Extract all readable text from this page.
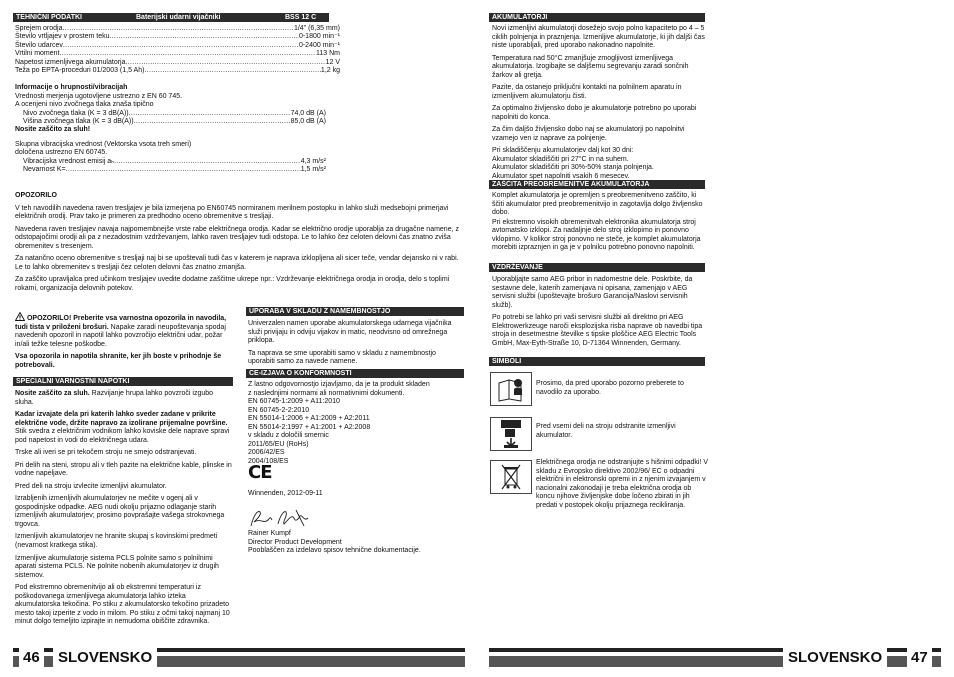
TEHNIČNI PODATKI	Baterijski udarni vijačniki	BSS 12 C
Sprejem orodja .....	1/4" (6,35 mm)
Število vrtljajev v prostem teku .....	0-1800 min⁻¹
Število udarcev .....	0-2400 min⁻¹
Vrtilni moment .....	113 Nm
Napetost izmenljivega akumulatorja .....	12 V
Teža po EPTA-proceduri 01/2003 (1,5 Ah) .....	1,2 kg
Informacije o hrupnosti/vibracijah
Vrednosti merjenja ugotovljene ustrezno z EN 60 745.
A ocenjeni nivo zvočnega tlaka znaša tipično
Nivo zvočnega tlaka (K = 3 dB(A)) .....	74,0 dB (A)
Višina zvočnega tlaka (K = 3 dB(A)) .....	85,0 dB (A)
Nosite zaščito za sluh!
Skupna vibracijska vrednost (Vektorska vsota treh smeri)
določena ustrezno EN 60745.
Vibracijska vrednost emisij aₕ .....	4,3 m/s²
Nevarnost K= .....	1,5 m/s²

OPOZORILO

V teh navodilih navedena raven tresljajev je bila izmerjena po EN60745 normiranem merilnem postopku in lahko služi medsebojni primerjavi električnih orodij. Prav tako je primeren za predhodno oceno obremenitve s tresljaji.

Navedena raven tresljajev navaja najpomembnejše vrste rabe električnega orodja. Kadar se električno orodje uporablja za drugačne namene, z odstopajočimi orodji ali pa z nezadostnim vzdrževanjem, lahko raven tresljajev tudi odstopa. Le to lahko čez celoten delovni čas znatno zviša obremenitev s tresenjem.

Za natančno oceno obremenitve s tresljaji naj bi se upoštevali tudi čas v katerem je naprava izklopljena ali sicer teče, vendar dejansko ni v rabi. Le to lahko obremenitev s tresljaji čez celoten delovni čas znatno zmanjša.

Za zaščito upravljalca pred učinkom tresljajev uvedite dodatne zaščitne ukrepe npr.: Vzdrževanje električnega orodja in orodja, delo s toplimi rokami, organizacija delovnih potekov.

OPOZORILO! Preberite vsa varnostna opozorila in navodila, tudi tista v priloženi brošuri. Napake zaradi neupoštevanja spodaj navedenih opozoril in napotil lahko povzročijo električni udar, požar in/ali težke telesne poškodbe.

Vsa opozorila in napotila shranite, ker jih boste v prihodnje še potrebovali.

SPECIALNI VARNOSTNI NAPOTKI

Nosite zaščito za sluh. Razvijanje hrupa lahko povzroči izgubo sluha.

Kadar izvajate dela pri katerih lahko sveder zadane v prikrite električne vode, držite napravo za izolirane prijemalne površine. Stik svedra z električnim vodnikom lahko koviske dele naprave spravi pod napetost in vodi do električnega udara.

Trske ali iveri se pri tekočem stroju ne smejo odstranjevati.

Pri delih na steni, stropu ali v tleh pazite na električne kable, plinske in vodne napeljave.

Pred deli na stroju izvlecite izmenljivi akumulator.

Izrabljenih izmenljivih akumulatorjev ne mečite v ogenj ali v gospodinjske odpadke. AEG nudi okolju prijazno odlaganje starih izmenljivih akumulatorjev; prosimo povprašajte vašega strokovnega trgovca.

Izmenljivih akumulatorjev ne hranite skupaj s kovinskimi predmeti (nevarnost kratkega stika).

Izmenljive akumulatorje sistema PCLS polnite samo s polnilnimi aparati sistema PCLS. Ne polnite nobenih akumulatorjev iz drugih sistemov.

Pod ekstremno obremenitvijo ali ob ekstremni temperaturi iz poškodovanega izmenljivega akumulatorja lahko izteka akumulatorska tekočina. Po stiku z akumulatorsko tekočino prizadeto mesto takoj izperite z vodo in milom. Po stiku z očmi takoj najmanj 10 minut dolgo temeljito izpirajte in nemudoma obiščite zdravnika.

UPORABA V SKLADU Z NAMEMBNOSTJO

Univerzalen namen uporabe akumulatorskega udarnega vijačnika služi privijaju in odviju vijakov in matic, neodvisno od omrežnega priklopa.

Ta naprava se sme uporabiti samo v skladu z namembnostjo uporabiti samo za navede namene.

CE-IZJAVA O KONFORMNOSTI
Z lastno odgovornostjo izjavljamo, da je ta produkt skladen
z naslednjimi normami ali normativnimi dokumenti.
EN 60745-1:2009 + A11:2010
EN 60745-2-2:2010
EN 55014-1:2006 + A1:2009 + A2:2011
EN 55014-2:1997 + A1:2001 + A2:2008
v skladu z določili smernic
2011/65/EU (RoHs)
2006/42/ES
2004/108/ES
CE
Winnenden, 2012-09-11
Rainer Kumpf
Director Product Development
Pooblaščen za izdelavo spisov tehnične dokumentacije.
46	SLOVENSKO
AKUMULATORJI

Novi izmenljivi akumulatorji dosežejo svojo polno kapaciteto po 4 – 5 ciklih polnjenja in praznjenja. Izmenljive akumulatorje, ki jih daljši čas niste uporabljali, pred uporabo nakonadno napolnite.

Temperatura nad 50°C zmanjšuje zmogljivost izmenljivega akumulatorja. Izogibajte se daljšemu segrevanju zaradi sončnih žarkov ali gretja.

Pazite, da ostanejo priključni kontakti na polnilnem aparatu in izmenljivem akumulatorju čisti.

Za optimalno življensko dobo je akumulatorje potrebno po uporabi napolniti do konca.

Za čim daljšo življensko dobo naj se akumulatorji po napolnitvi vzamejo ven iz naprave za polnjenje.

Pri skladiščenju akumulatorjev dalj kot 30 dni:
Akumulator skladiščiti pri 27°C in na suhem.
Akumulator skladiščiti pri 30%-50% stanja polnjenja.
Akumulator spet napolniti vsakih 6 mesecev.

ZAŠČITA PREOBREMENITVE AKUMULATORJA

Komplet akumulatorja je opremljen s preobremenitveno zaščito, ki ščiti akumulator pred preobremenitvijo in zagotavlja dolgo življensko dobo.

Pri ekstremno visokih obremenitvah elektronika akumulatorja stroj avtomatsko izklopi. Za nadaljnje delo stroj izklopimo in ponovno vklopimo. V kolikor stroj ponovno ne steče, je komplet akumulatorja morebiti izpraznjen in ga je v polnilcu potrebno ponovno napolniti.

VZDRŽEVANJE

Uporabljajte samo AEG pribor in nadomestne dele. Poskrbite, da sestavne dele, katerih zamenjava ni opisana, zamenjajo v AEG servisni službi (upoštevajte brošuro Garancija/Naslovi servisnih služb).

Po potrebi se lahko pri vaši servisni službi ali direktno pri AEG Elektrowerkzeuge naroči eksplozijska risba naprave ob navedbi tipa stroja in desetmestne številke s tipske ploščice AEG Electric Tools GmbH, Max-Eyth-Straße 10, D-71364 Winnenden, Germany.

SIMBOLI
Prosimo, da pred uporabo pozorno preberete to navodilo za uporabo.
Pred vsemi deli na stroju odstranite izmenljivi akumulator.
Električnega orodja ne odstranjujte s hišnimi odpadki! V skladu z Evropsko direktivo 2002/96/ EC o odpadni električni in elektronski opremi in z njenim izvajanjem v nacionalni zakonodaji je treba električna orodja ob koncu njihove življenjske dobe ločeno zbirati in jih predati v postopek okolju prijaznega recikliranja.
SLOVENSKO	47
